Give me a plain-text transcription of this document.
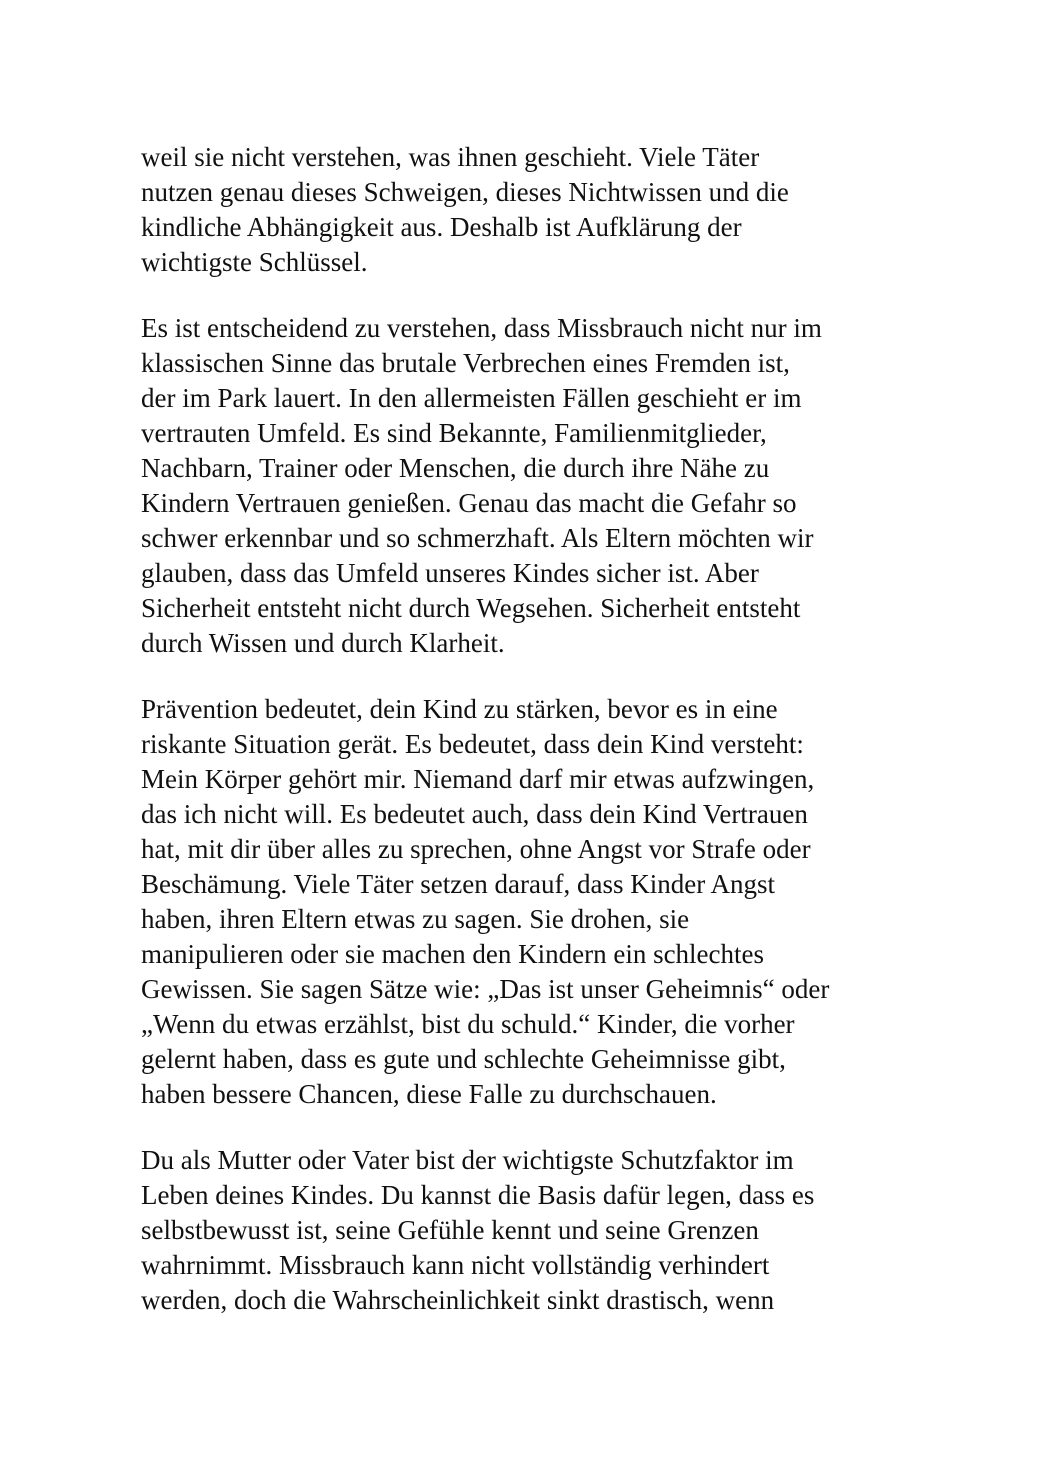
weil sie nicht verstehen, was ihnen geschieht. Viele Täter
nutzen genau dieses Schweigen, dieses Nichtwissen und die
kindliche Abhängigkeit aus. Deshalb ist Aufklärung der
wichtigste Schlüssel.

Es ist entscheidend zu verstehen, dass Missbrauch nicht nur im
klassischen Sinne das brutale Verbrechen eines Fremden ist,
der im Park lauert. In den allermeisten Fällen geschieht er im
vertrauten Umfeld. Es sind Bekannte, Familienmitglieder,
Nachbarn, Trainer oder Menschen, die durch ihre Nähe zu
Kindern Vertrauen genießen. Genau das macht die Gefahr so
schwer erkennbar und so schmerzhaft. Als Eltern möchten wir
glauben, dass das Umfeld unseres Kindes sicher ist. Aber
Sicherheit entsteht nicht durch Wegsehen. Sicherheit entsteht
durch Wissen und durch Klarheit.

Prävention bedeutet, dein Kind zu stärken, bevor es in eine
riskante Situation gerät. Es bedeutet, dass dein Kind versteht:
Mein Körper gehört mir. Niemand darf mir etwas aufzwingen,
das ich nicht will. Es bedeutet auch, dass dein Kind Vertrauen
hat, mit dir über alles zu sprechen, ohne Angst vor Strafe oder
Beschämung. Viele Täter setzen darauf, dass Kinder Angst
haben, ihren Eltern etwas zu sagen. Sie drohen, sie
manipulieren oder sie machen den Kindern ein schlechtes
Gewissen. Sie sagen Sätze wie: „Das ist unser Geheimnis“ oder
„Wenn du etwas erzählst, bist du schuld.“ Kinder, die vorher
gelernt haben, dass es gute und schlechte Geheimnisse gibt,
haben bessere Chancen, diese Falle zu durchschauen.

Du als Mutter oder Vater bist der wichtigste Schutzfaktor im
Leben deines Kindes. Du kannst die Basis dafür legen, dass es
selbstbewusst ist, seine Gefühle kennt und seine Grenzen
wahrnimmt. Missbrauch kann nicht vollständig verhindert
werden, doch die Wahrscheinlichkeit sinkt drastisch, wenn
